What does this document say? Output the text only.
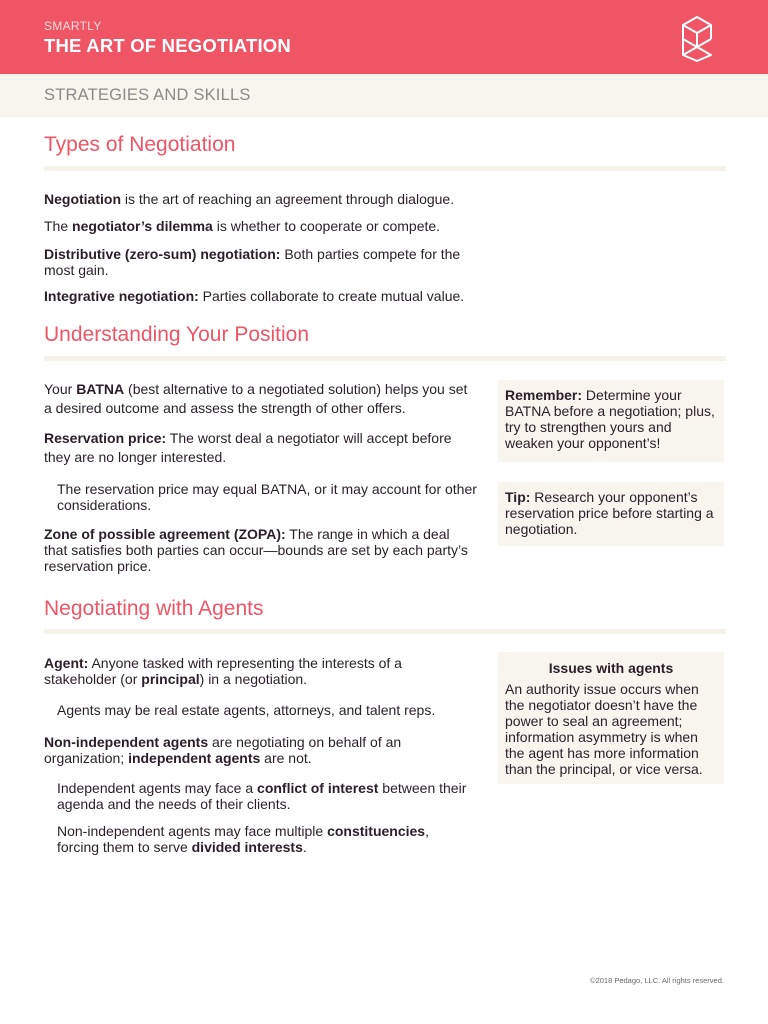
SMARTLY
THE ART OF NEGOTIATION
STRATEGIES AND SKILLS
Types of Negotiation

Negotiation is the art of reaching an agreement through dialogue.

The negotiator’s dilemma is whether to cooperate or compete.

Distributive (zero-sum) negotiation: Both parties compete for the most gain.

Integrative negotiation: Parties collaborate to create mutual value.

Understanding Your Position

Your BATNA (best alternative to a negotiated solution) helps you set a desired outcome and assess the strength of other offers.

Reservation price: The worst deal a negotiator will accept before they are no longer interested.

The reservation price may equal BATNA, or it may account for other considerations.

Zone of possible agreement (ZOPA): The range in which a deal that satisfies both parties can occur—bounds are set by each party’s reservation price.

Remember: Determine your BATNA before a negotiation; plus, try to strengthen yours and weaken your opponent’s!
Tip: Research your opponent’s reservation price before starting a negotiation.
Negotiating with Agents

Agent: Anyone tasked with representing the interests of a stakeholder (or principal) in a negotiation.

Agents may be real estate agents, attorneys, and talent reps.

Non-independent agents are negotiating on behalf of an organization; independent agents are not.

Independent agents may face a conflict of interest between their agenda and the needs of their clients.

Non-independent agents may face multiple constituencies, forcing them to serve divided interests.

Issues with agents
An authority issue occurs when the negotiator doesn’t have the power to seal an agreement; information asymmetry is when the agent has more information than the principal, or vice versa.
©2018 Pedago, LLC. All rights reserved.
